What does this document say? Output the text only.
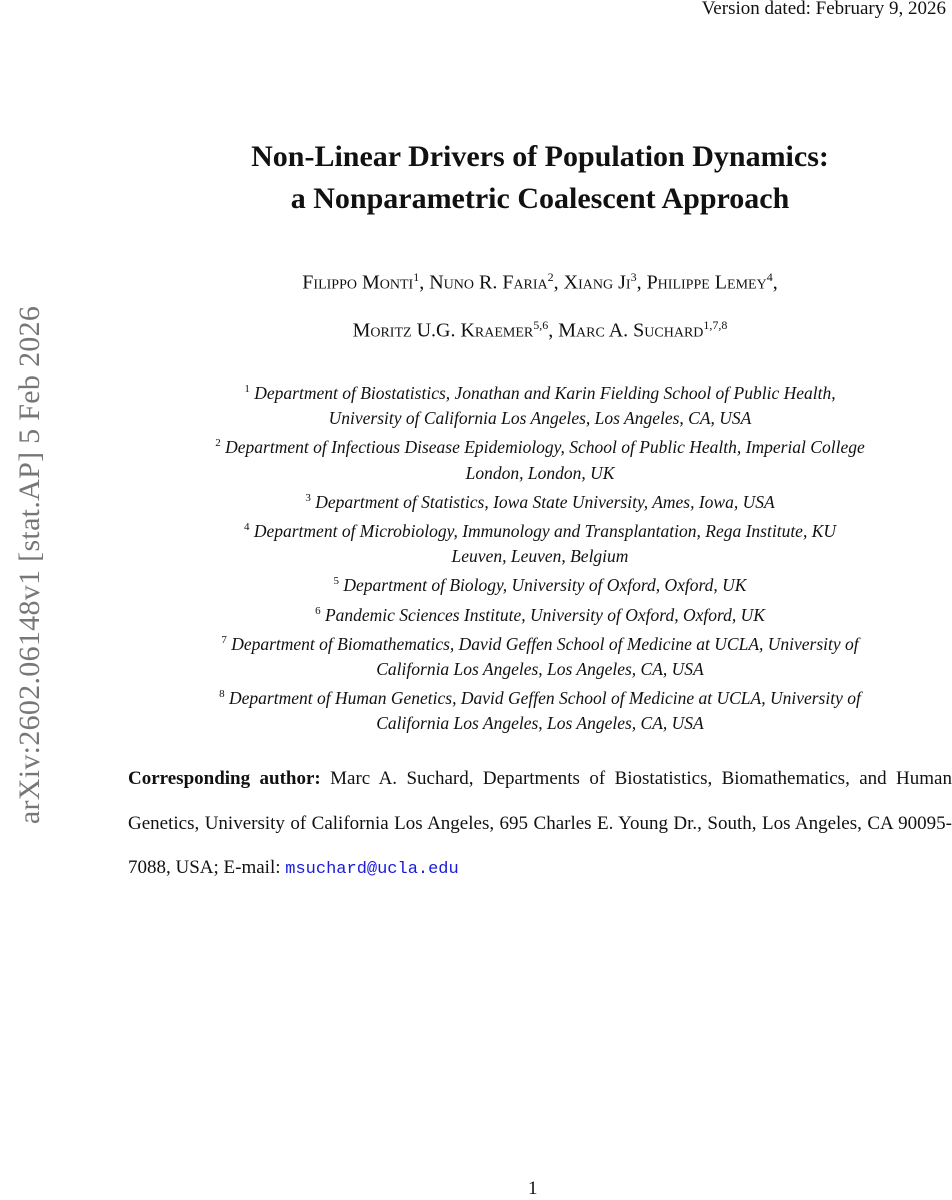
Version dated: February 9, 2026
arXiv:2602.06148v1 [stat.AP] 5 Feb 2026
Non-Linear Drivers of Population Dynamics:
a Nonparametric Coalescent Approach
Filippo Monti$^1$, Nuno R. Faria$^2$, Xiang Ji$^3$, Philippe Lemey$^4$,
Moritz U.G. Kraemer$^{5,6}$, Marc A. Suchard$^{1,7,8}$
$^1$ Department of Biostatistics, Jonathan and Karin Fielding School of Public Health,
University of California Los Angeles, Los Angeles, CA, USA
$^2$ Department of Infectious Disease Epidemiology, School of Public Health, Imperial College
London, London, UK
$^3$ Department of Statistics, Iowa State University, Ames, Iowa, USA
$^4$ Department of Microbiology, Immunology and Transplantation, Rega Institute, KU
Leuven, Leuven, Belgium
$^5$ Department of Biology, University of Oxford, Oxford, UK
$^6$ Pandemic Sciences Institute, University of Oxford, Oxford, UK
$^7$ Department of Biomathematics, David Geffen School of Medicine at UCLA, University of
California Los Angeles, Los Angeles, CA, USA
$^8$ Department of Human Genetics, David Geffen School of Medicine at UCLA, University of
California Los Angeles, Los Angeles, CA, USA
Corresponding author: Marc A. Suchard, Departments of Biostatistics, Biomathematics, and Human Genetics, University of California Los Angeles, 695 Charles E. Young Dr., South, Los Angeles, CA 90095-7088, USA; E-mail: msuchard@ucla.edu
1
